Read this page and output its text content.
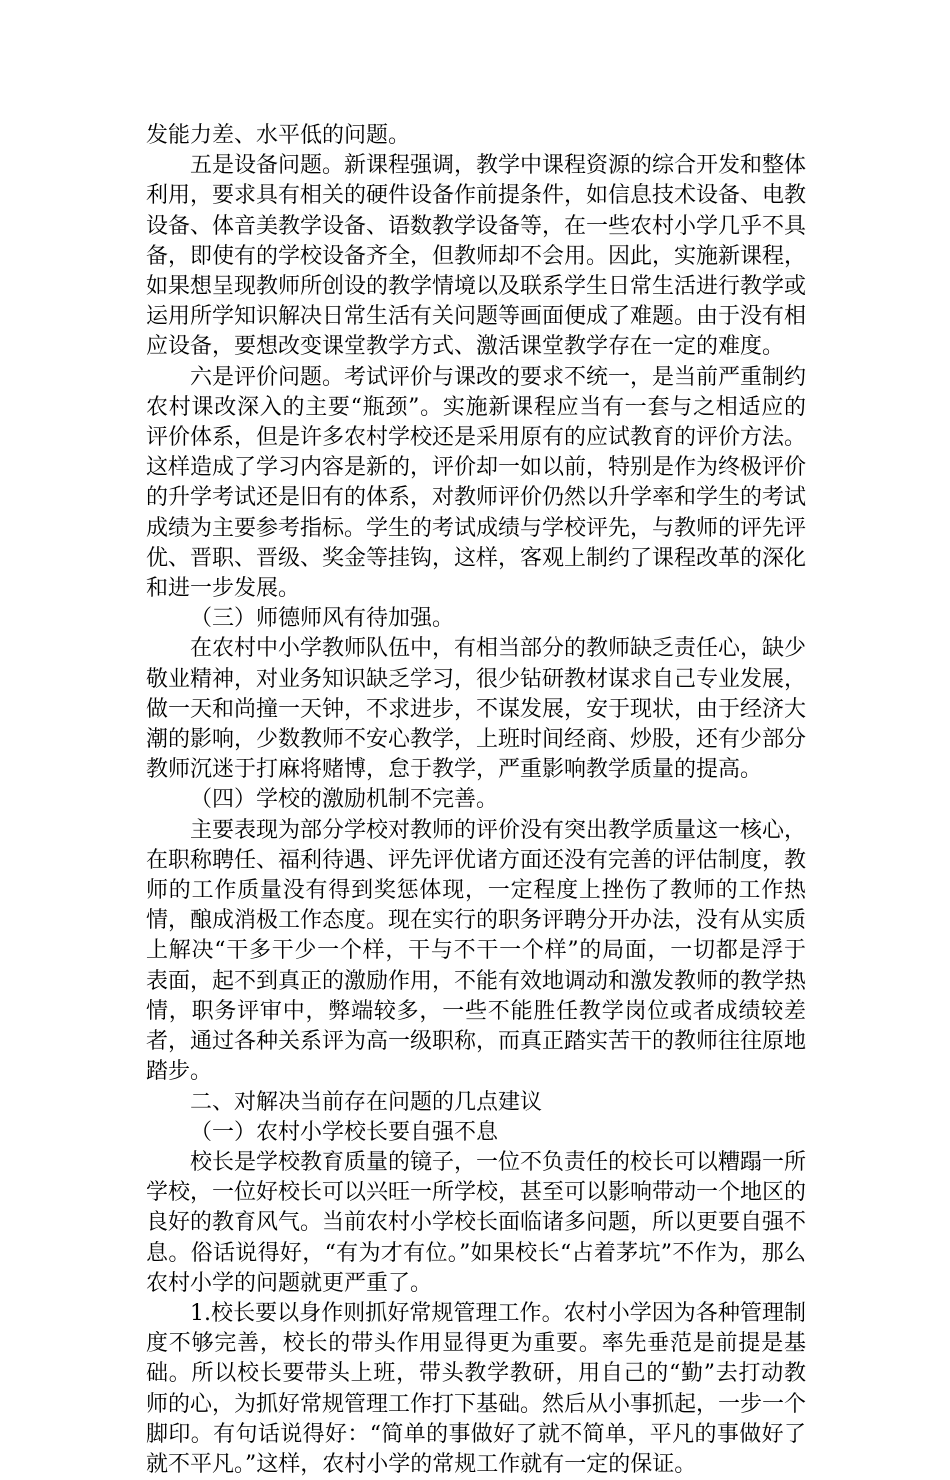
发能力差、水平低的问题。

五是设备问题。新课程强调，教学中课程资源的综合开发和整体利用，要求具有相关的硬件设备作前提条件，如信息技术设备、电教设备、体音美教学设备、语数教学设备等，在一些农村小学几乎不具备，即使有的学校设备齐全，但教师却不会用。因此，实施新课程，如果想呈现教师所创设的教学情境以及联系学生日常生活进行教学或运用所学知识解决日常生活有关问题等画面便成了难题。由于没有相应设备，要想改变课堂教学方式、激活课堂教学存在一定的难度。

六是评价问题。考试评价与课改的要求不统一，是当前严重制约农村课改深入的主要“瓶颈”。实施新课程应当有一套与之相适应的评价体系，但是许多农村学校还是采用原有的应试教育的评价方法。这样造成了学习内容是新的，评价却一如以前，特别是作为终极评价的升学考试还是旧有的体系，对教师评价仍然以升学率和学生的考试成绩为主要参考指标。学生的考试成绩与学校评先，与教师的评先评优、晋职、晋级、奖金等挂钩，这样，客观上制约了课程改革的深化和进一步发展。

（三）师德师风有待加强。

在农村中小学教师队伍中，有相当部分的教师缺乏责任心，缺少敬业精神，对业务知识缺乏学习，很少钻研教材谋求自己专业发展，做一天和尚撞一天钟，不求进步，不谋发展，安于现状，由于经济大潮的影响，少数教师不安心教学，上班时间经商、炒股，还有少部分教师沉迷于打麻将赌博，怠于教学，严重影响教学质量的提高。

（四）学校的激励机制不完善。

主要表现为部分学校对教师的评价没有突出教学质量这一核心，在职称聘任、福利待遇、评先评优诸方面还没有完善的评估制度，教师的工作质量没有得到奖惩体现，一定程度上挫伤了教师的工作热情，酿成消极工作态度。现在实行的职务评聘分开办法，没有从实质上解决“干多干少一个样，干与不干一个样”的局面，一切都是浮于表面，起不到真正的激励作用，不能有效地调动和激发教师的教学热情，职务评审中，弊端较多，一些不能胜任教学岗位或者成绩较差者，通过各种关系评为高一级职称，而真正踏实苦干的教师往往原地踏步。

二、对解决当前存在问题的几点建议

（一）农村小学校长要自强不息

校长是学校教育质量的镜子，一位不负责任的校长可以糟蹋一所学校，一位好校长可以兴旺一所学校，甚至可以影响带动一个地区的良好的教育风气。当前农村小学校长面临诸多问题，所以更要自强不息。俗话说得好，“有为才有位。”如果校长“占着茅坑”不作为，那么农村小学的问题就更严重了。

1.校长要以身作则抓好常规管理工作。农村小学因为各种管理制度不够完善，校长的带头作用显得更为重要。率先垂范是前提是基础。所以校长要带头上班，带头教学教研，用自己的“勤”去打动教师的心，为抓好常规管理工作打下基础。然后从小事抓起，一步一个脚印。有句话说得好：“简单的事做好了就不简单，平凡的事做好了就不平凡。”这样，农村小学的常规工作就有一定的保证。
